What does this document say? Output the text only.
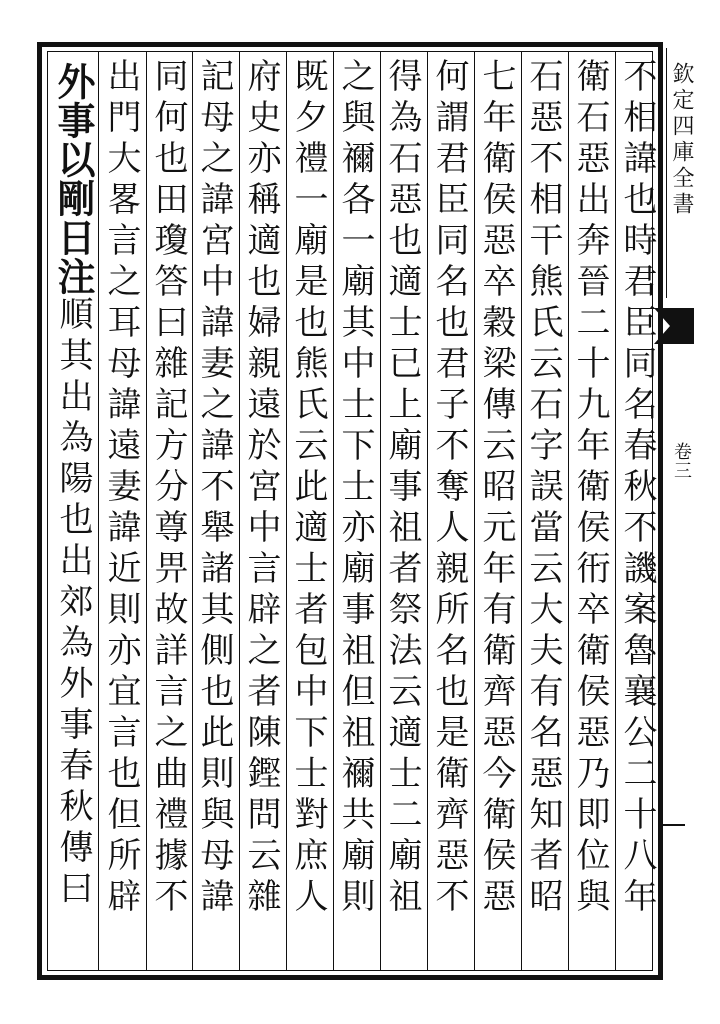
欽定四庫全書
卷三
不相諱也時君臣同名春秋不譏案魯襄公二十八年
衛石惡出奔晉二十九年衛侯衎卒衛侯惡乃即位與
石惡不相干熊氏云石字誤當云大夫有名惡知者昭
七年衛侯惡卒穀梁傳云昭元年有衛齊惡今衛侯惡
何謂君臣同名也君子不奪人親所名也是衛齊惡不
得為石惡也適士已上廟事祖者祭法云適士二廟祖
之與禰各一廟其中士下士亦廟事祖但祖禰共廟則
既夕禮一廟是也熊氏云此適士者包中下士對庶人
府史亦稱適也婦親遠於宮中言辟之者陳鏗問云雜
記母之諱宮中諱妻之諱不舉諸其側也此則與母諱
同何也田瓊答曰雜記方分尊畀故詳言之曲禮據不
出門大畧言之耳母諱遠妻諱近則亦宜言也但所辟
外事以剛日注順其出為陽也出郊為外事春秋傳曰
